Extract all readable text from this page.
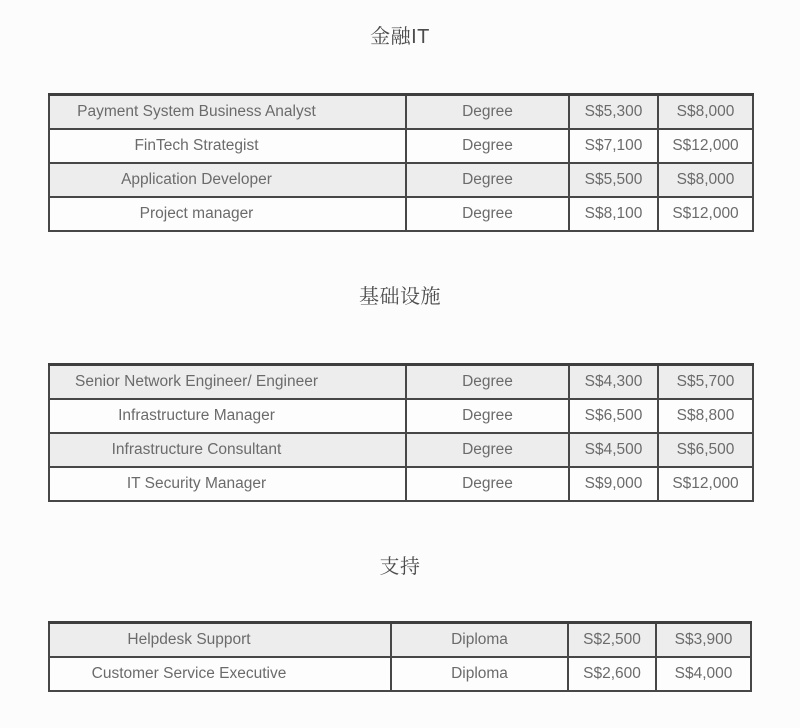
金融IT
Payment System Business Analyst	Degree	S$5,300	S$8,000
FinTech Strategist	Degree	S$7,100	S$12,000
Application Developer	Degree	S$5,500	S$8,000
Project manager	Degree	S$8,100	S$12,000
基础设施
Senior Network Engineer/ Engineer	Degree	S$4,300	S$5,700
Infrastructure Manager	Degree	S$6,500	S$8,800
Infrastructure Consultant	Degree	S$4,500	S$6,500
IT Security Manager	Degree	S$9,000	S$12,000
支持
Helpdesk Support	Diploma	S$2,500	S$3,900
Customer Service Executive	Diploma	S$2,600	S$4,000
